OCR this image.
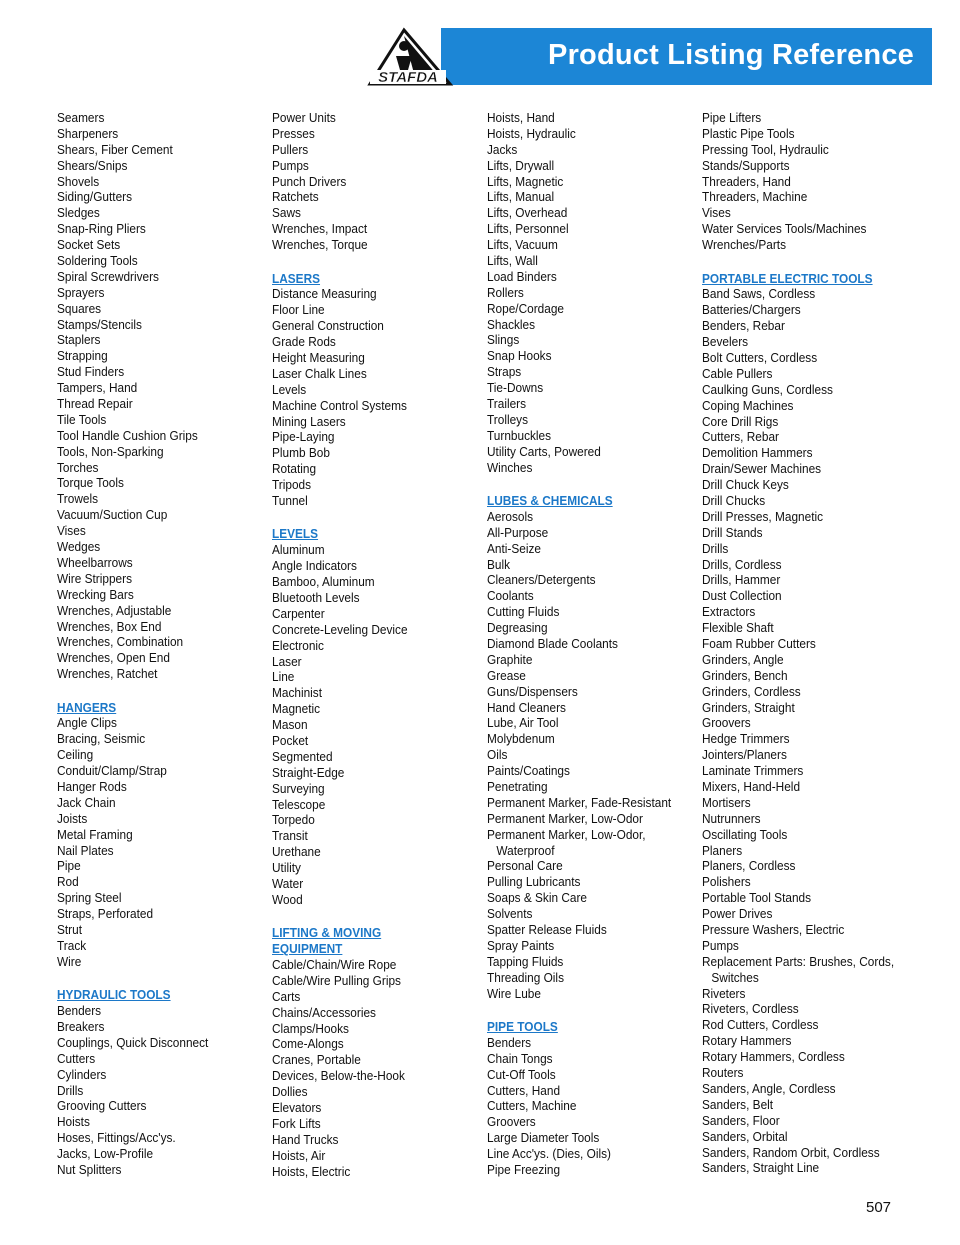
Product Listing Reference
STAFDA
Seamers
Sharpeners
Shears, Fiber Cement
Shears/Snips
Shovels
Siding/Gutters
Sledges
Snap-Ring Pliers
Socket Sets
Soldering Tools
Spiral Screwdrivers
Sprayers
Squares
Stamps/Stencils
Staplers
Strapping
Stud Finders
Tampers, Hand
Thread Repair
Tile Tools
Tool Handle Cushion Grips
Tools, Non-Sparking
Torches
Torque Tools
Trowels
Vacuum/Suction Cup
Vises
Wedges
Wheelbarrows
Wire Strippers
Wrecking Bars
Wrenches, Adjustable
Wrenches, Box End
Wrenches, Combination
Wrenches, Open End
Wrenches, Ratchet
HANGERS
Angle Clips
Bracing, Seismic
Ceiling
Conduit/Clamp/Strap
Hanger Rods
Jack Chain
Joists
Metal Framing
Nail Plates
Pipe
Rod
Spring Steel
Straps, Perforated
Strut
Track
Wire
HYDRAULIC TOOLS
Benders
Breakers
Couplings, Quick Disconnect
Cutters
Cylinders
Drills
Grooving Cutters
Hoists
Hoses, Fittings/Acc'ys.
Jacks, Low-Profile
Nut Splitters
Power Units
Presses
Pullers
Pumps
Punch Drivers
Ratchets
Saws
Wrenches, Impact
Wrenches, Torque
LASERS
Distance Measuring
Floor Line
General Construction
Grade Rods
Height Measuring
Laser Chalk Lines
Levels
Machine Control Systems
Mining Lasers
Pipe-Laying
Plumb Bob
Rotating
Tripods
Tunnel
LEVELS
Aluminum
Angle Indicators
Bamboo, Aluminum
Bluetooth Levels
Carpenter
Concrete-Leveling Device
Electronic
Laser
Line
Machinist
Magnetic
Mason
Pocket
Segmented
Straight-Edge
Surveying
Telescope
Torpedo
Transit
Urethane
Utility
Water
Wood
LIFTING & MOVING
EQUIPMENT
Cable/Chain/Wire Rope
Cable/Wire Pulling Grips
Carts
Chains/Accessories
Clamps/Hooks
Come-Alongs
Cranes, Portable
Devices, Below-the-Hook
Dollies
Elevators
Fork Lifts
Hand Trucks
Hoists, Air
Hoists, Electric
Hoists, Hand
Hoists, Hydraulic
Jacks
Lifts, Drywall
Lifts, Magnetic
Lifts, Manual
Lifts, Overhead
Lifts, Personnel
Lifts, Vacuum
Lifts, Wall
Load Binders
Rollers
Rope/Cordage
Shackles
Slings
Snap Hooks
Straps
Tie-Downs
Trailers
Trolleys
Turnbuckles
Utility Carts, Powered
Winches
LUBES & CHEMICALS
Aerosols
All-Purpose
Anti-Seize
Bulk
Cleaners/Detergents
Coolants
Cutting Fluids
Degreasing
Diamond Blade Coolants
Graphite
Grease
Guns/Dispensers
Hand Cleaners
Lube, Air Tool
Molybdenum
Oils
Paints/Coatings
Penetrating
Permanent Marker, Fade-Resistant
Permanent Marker, Low-Odor
Permanent Marker, Low-Odor,
Waterproof
Personal Care
Pulling Lubricants
Soaps & Skin Care
Solvents
Spatter Release Fluids
Spray Paints
Tapping Fluids
Threading Oils
Wire Lube
PIPE TOOLS
Benders
Chain Tongs
Cut-Off Tools
Cutters, Hand
Cutters, Machine
Groovers
Large Diameter Tools
Line Acc'ys. (Dies, Oils)
Pipe Freezing
Pipe Lifters
Plastic Pipe Tools
Pressing Tool, Hydraulic
Stands/Supports
Threaders, Hand
Threaders, Machine
Vises
Water Services Tools/Machines
Wrenches/Parts
PORTABLE ELECTRIC TOOLS
Band Saws, Cordless
Batteries/Chargers
Benders, Rebar
Bevelers
Bolt Cutters, Cordless
Cable Pullers
Caulking Guns, Cordless
Coping Machines
Core Drill Rigs
Cutters, Rebar
Demolition Hammers
Drain/Sewer Machines
Drill Chuck Keys
Drill Chucks
Drill Presses, Magnetic
Drill Stands
Drills
Drills, Cordless
Drills, Hammer
Dust Collection
Extractors
Flexible Shaft
Foam Rubber Cutters
Grinders, Angle
Grinders, Bench
Grinders, Cordless
Grinders, Straight
Groovers
Hedge Trimmers
Jointers/Planers
Laminate Trimmers
Mixers, Hand-Held
Mortisers
Nutrunners
Oscillating Tools
Planers
Planers, Cordless
Polishers
Portable Tool Stands
Power Drives
Pressure Washers, Electric
Pumps
Replacement Parts: Brushes, Cords,
Switches
Riveters
Riveters, Cordless
Rod Cutters, Cordless
Rotary Hammers
Rotary Hammers, Cordless
Routers
Sanders, Angle, Cordless
Sanders, Belt
Sanders, Floor
Sanders, Orbital
Sanders, Random Orbit, Cordless
Sanders, Straight Line
507
